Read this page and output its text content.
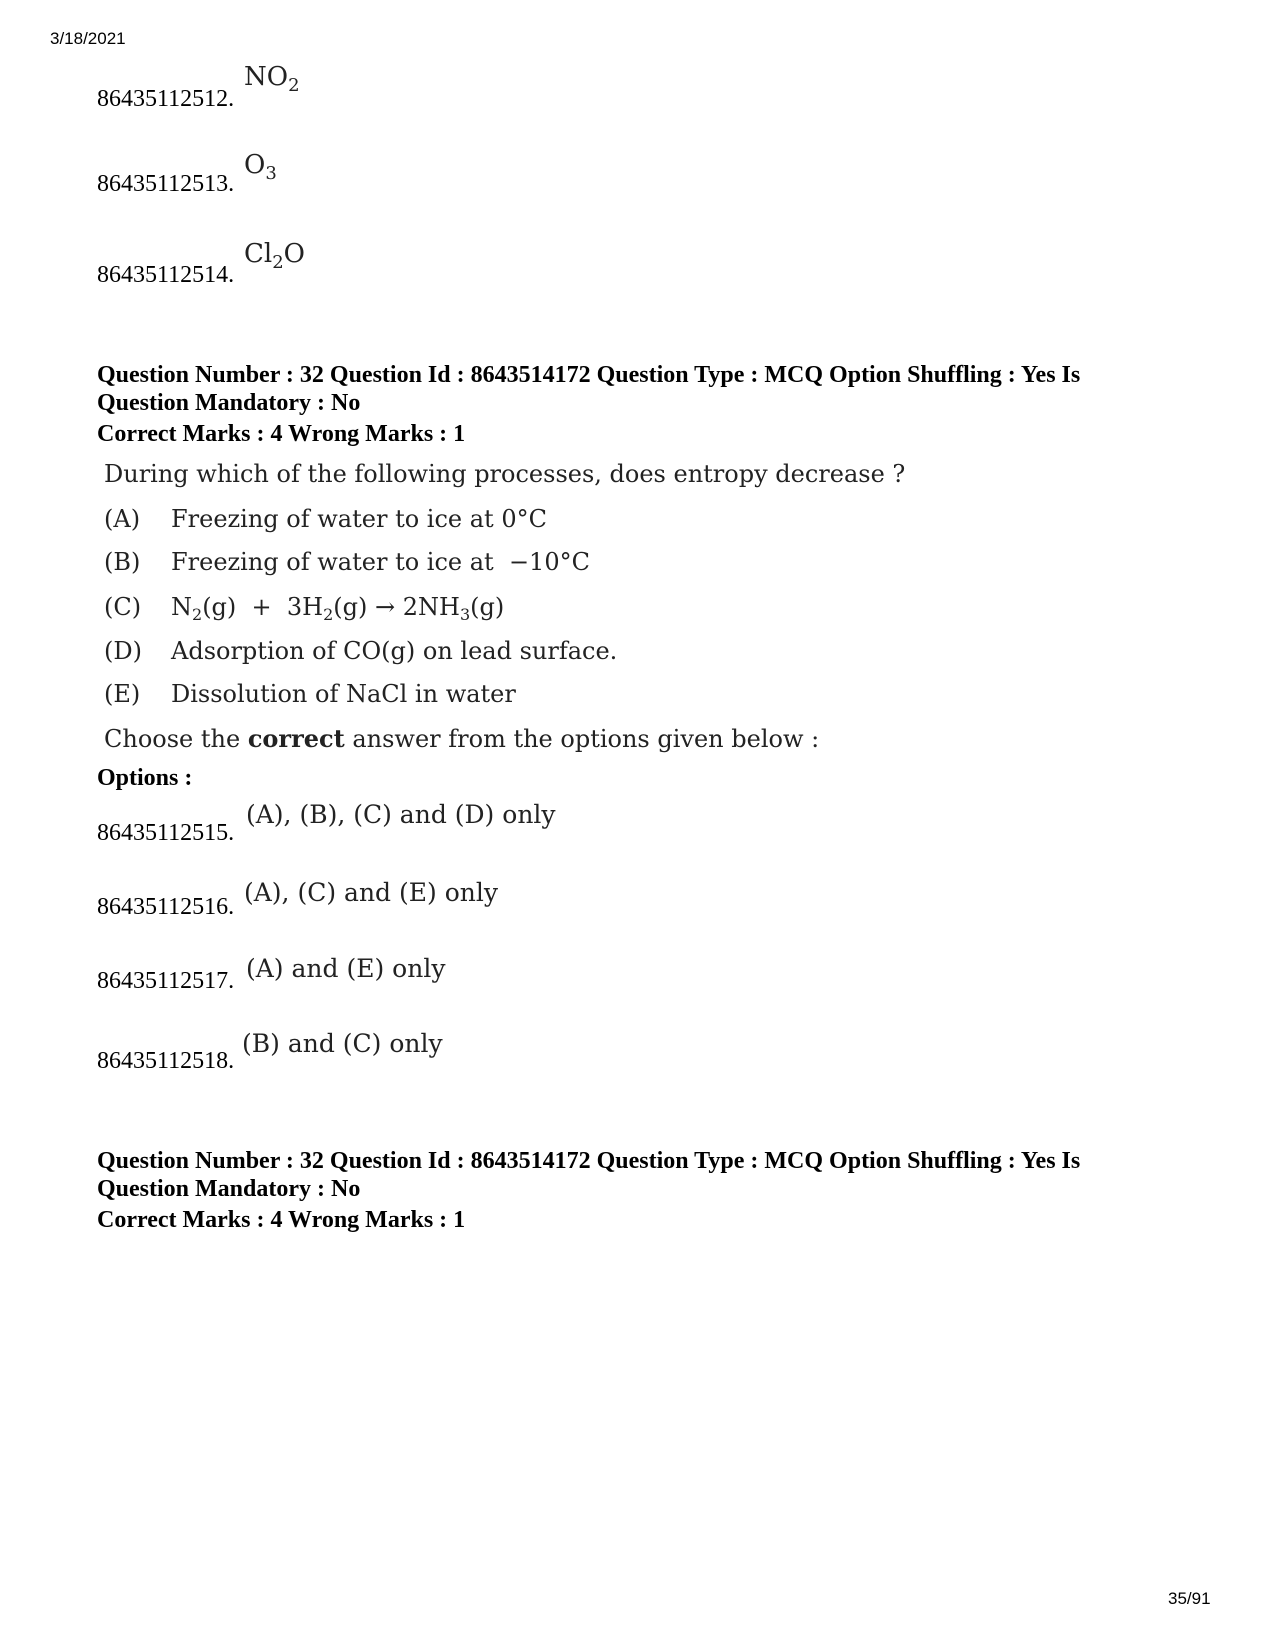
3/18/2021
86435112512.
$NO_2$
86435112513.
$O_3$
86435112514.
$Cl_2O$
Question Number : 32 Question Id : 8643514172 Question Type : MCQ Option Shuffling : Yes Is
Question Mandatory : No
Correct Marks : 4 Wrong Marks : 1
During which of the following processes, does entropy decrease ?
(A)	Freezing of water to ice at 0°C
(B)	Freezing of water to ice at  −10°C
(C)	$N_2(g) + 3H_2(g) \to 2NH_3(g)$
(D)	Adsorption of CO(g) on lead surface.
(E)	Dissolution of NaCl in water
Choose the correct answer from the options given below :
Options :
86435112515.
(A), (B), (C) and (D) only
86435112516. (A), (C) and (E) only
86435112517. (A) and (E) only
86435112518.
(B) and (C) only
Question Number : 32 Question Id : 8643514172 Question Type : MCQ Option Shuffling : Yes Is
Question Mandatory : No
Correct Marks : 4 Wrong Marks : 1
35/91
